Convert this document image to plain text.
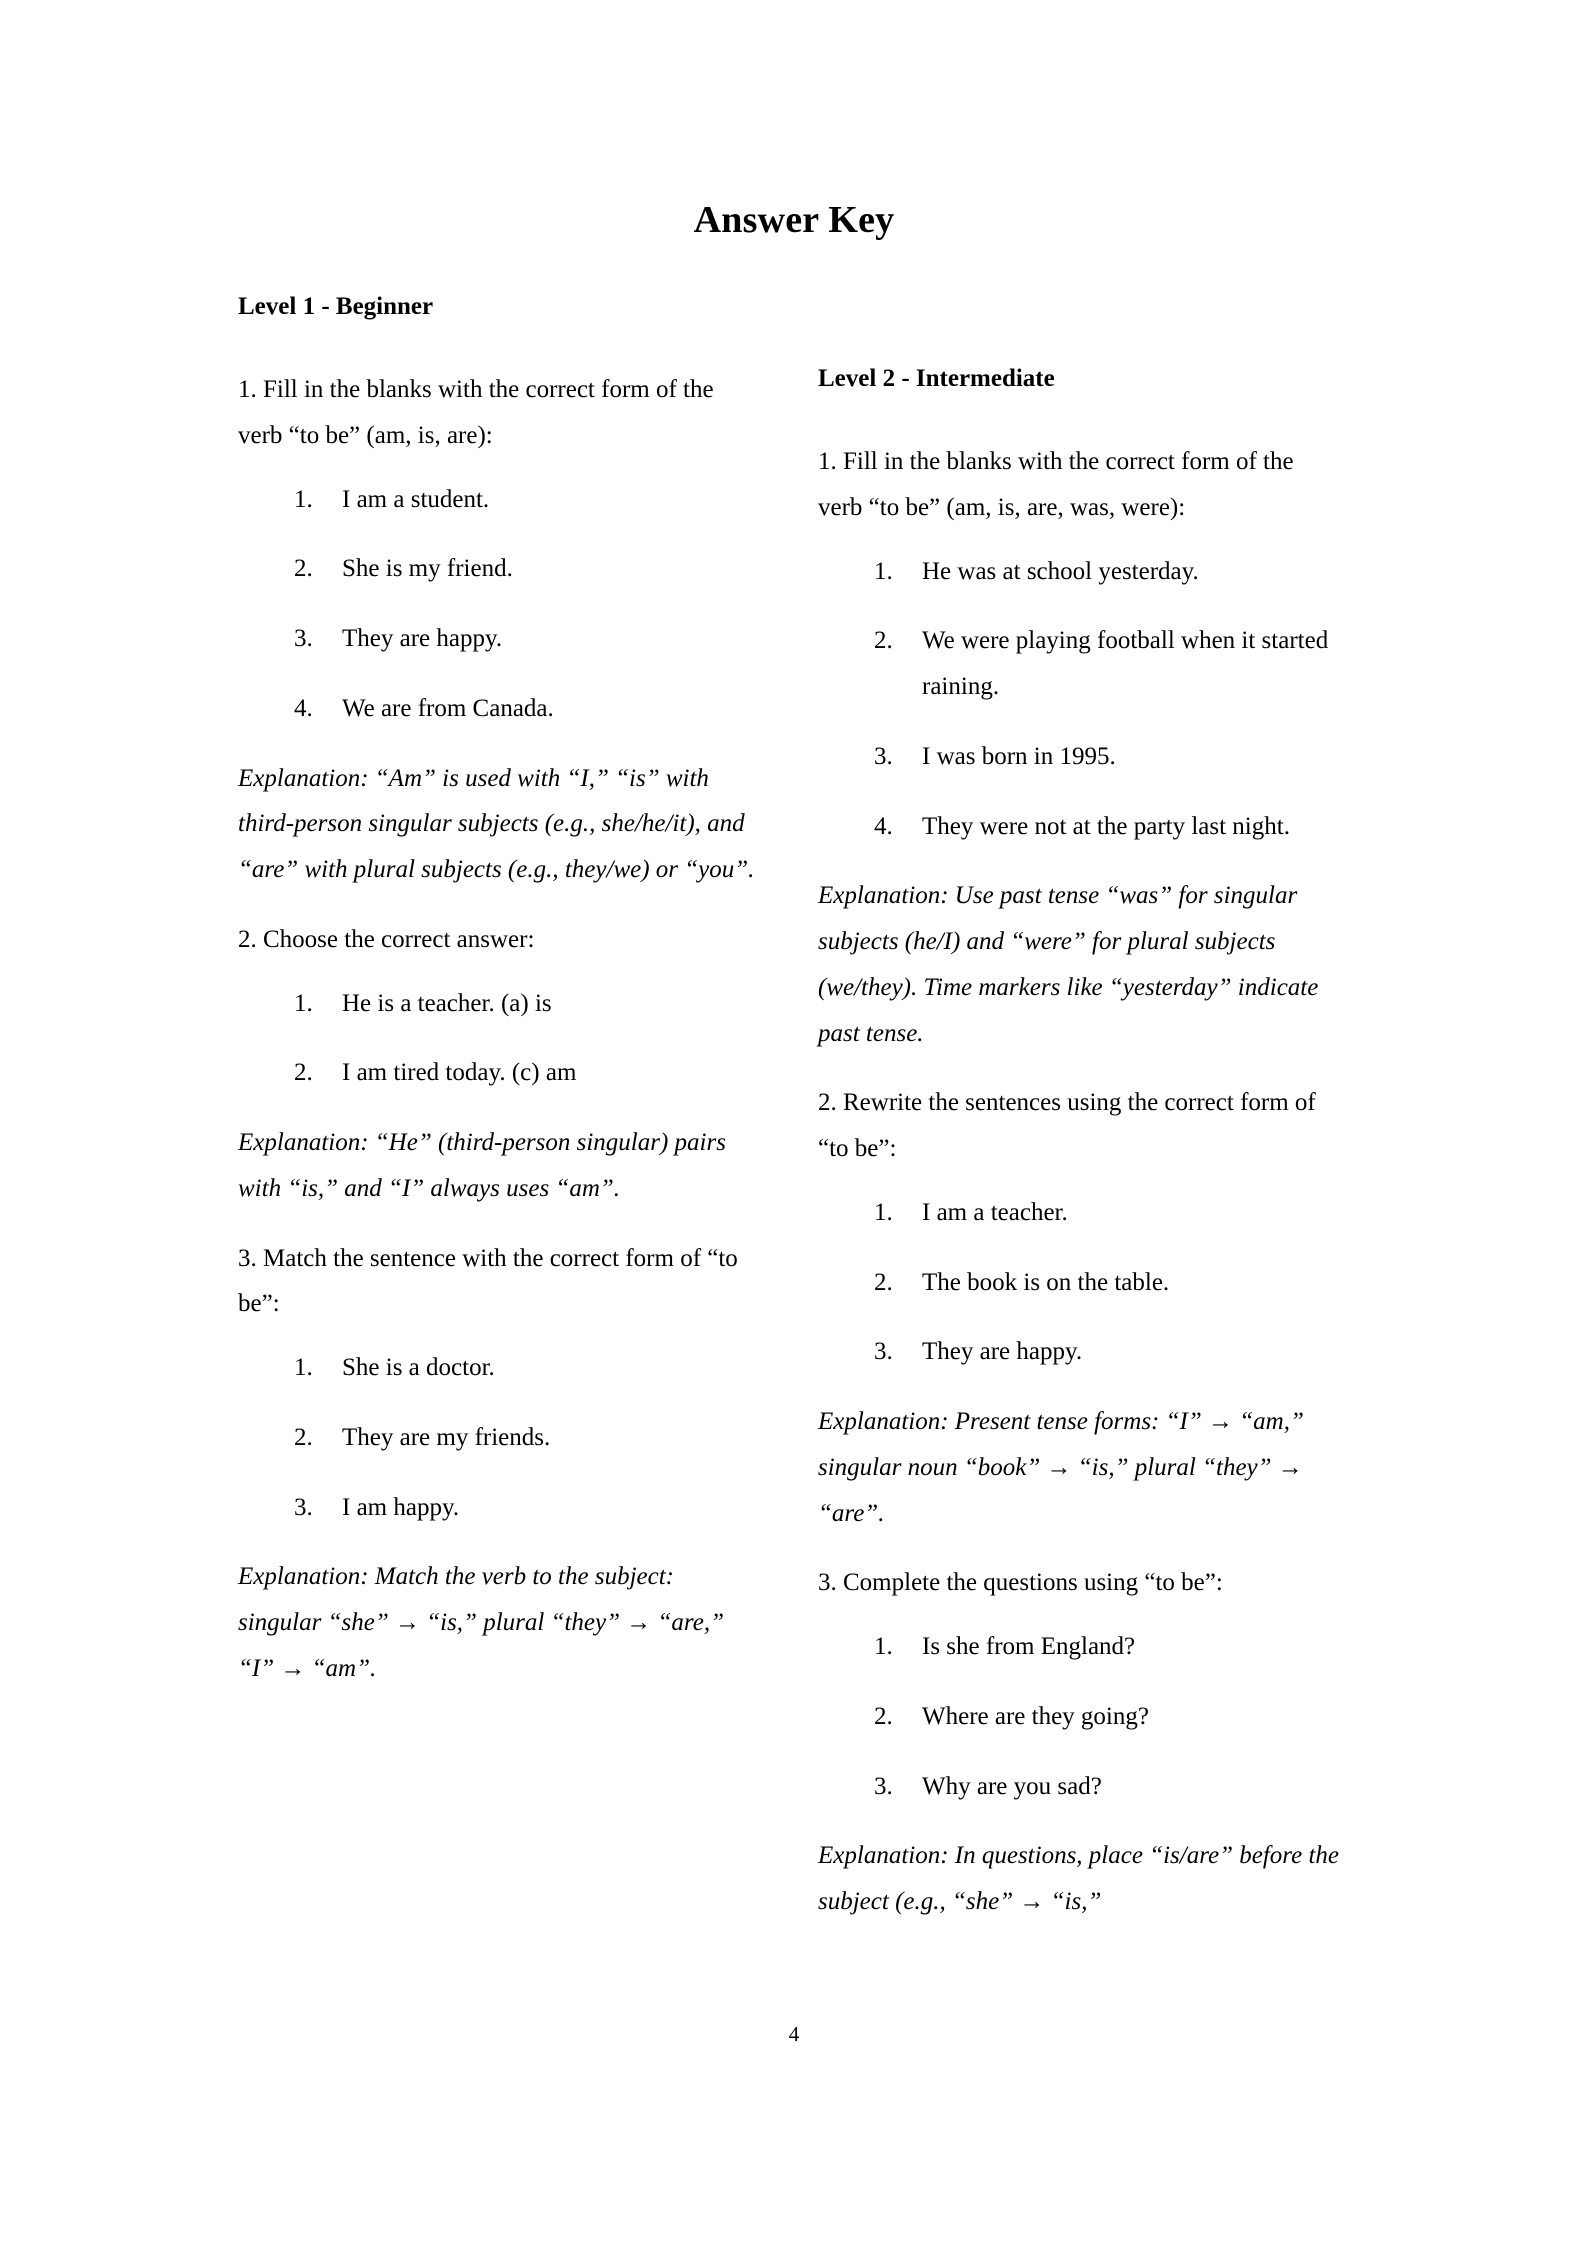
Answer Key
Level 1 - Beginner
1. Fill in the blanks with the correct form of the verb “to be” (am, is, are):
1.	I am a student.
2.	She is my friend.
3.	They are happy.
4.	We are from Canada.
Explanation: “Am” is used with “I,” “is” with third-person singular subjects (e.g., she/he/it), and “are” with plural subjects (e.g., they/we) or “you”.
2. Choose the correct answer:
1.	He is a teacher. (a) is
2.	I am tired today. (c) am
Explanation: “He” (third-person singular) pairs with “is,” and “I” always uses “am”.
3. Match the sentence with the correct form of “to be”:
1.	She is a doctor.
2.	They are my friends.
3.	I am happy.
Explanation: Match the verb to the subject: singular “she” → “is,” plural “they” → “are,” “I” → “am”.
Level 2 - Intermediate
1. Fill in the blanks with the correct form of the verb “to be” (am, is, are, was, were):
1.	He was at school yesterday.
2.	We were playing football when it started raining.
3.	I was born in 1995.
4.	They were not at the party last night.
Explanation: Use past tense “was” for singular subjects (he/I) and “were” for plural subjects (we/they). Time markers like “yesterday” indicate past tense.
2. Rewrite the sentences using the correct form of “to be”:
1.	I am a teacher.
2.	The book is on the table.
3.	They are happy.
Explanation: Present tense forms: “I” → “am,” singular noun “book” → “is,” plural “they” → “are”.
3. Complete the questions using “to be”:
1.	Is she from England?
2.	Where are they going?
3.	Why are you sad?
Explanation: In questions, place “is/are” before the subject (e.g., “she” → “is,”
4
